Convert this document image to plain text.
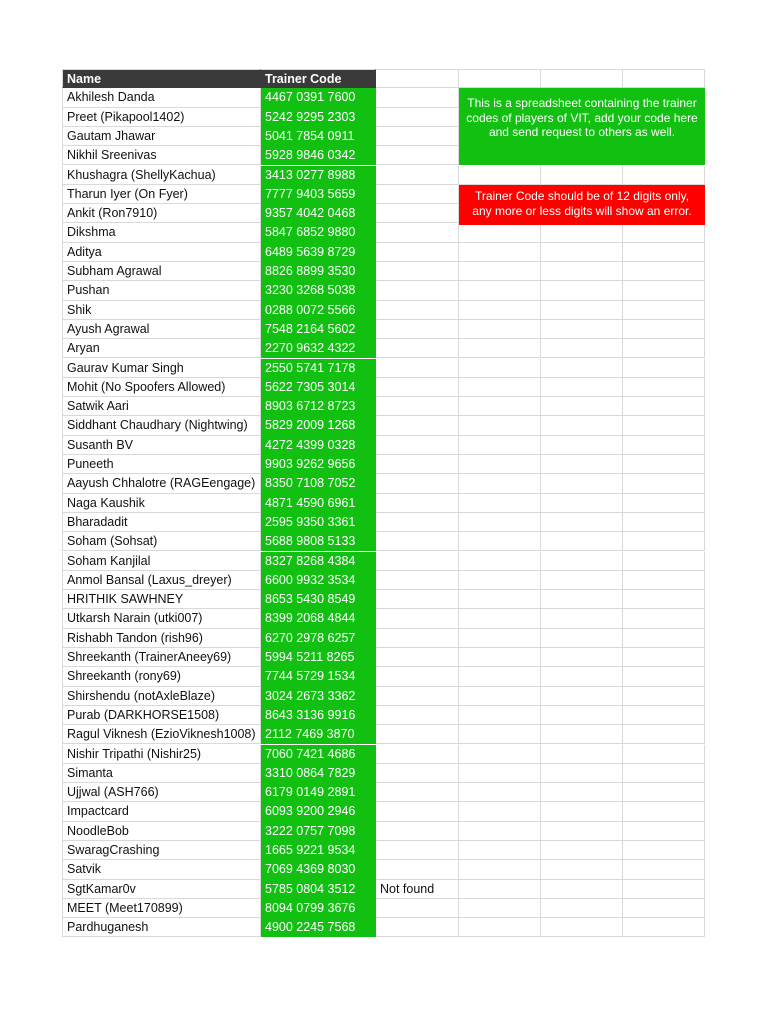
Name	Trainer Code
Akhilesh Danda	4467 0391 7600
Preet (Pikapool1402)	5242 9295 2303
Gautam Jhawar	5041 7854 0911
Nikhil Sreenivas	5928 9846 0342
Khushagra (ShellyKachua)	3413 0277 8988
Tharun Iyer (On Fyer)	7777 9403 5659
Ankit (Ron7910)	9357 4042 0468
Dikshma	5847 6852 9880
Aditya	6489 5639 8729
Subham Agrawal	8826 8899 3530
Pushan	3230 3268 5038
Shik	0288 0072 5566
Ayush Agrawal	7548 2164 5602
Aryan	2270 9632 4322
Gaurav Kumar Singh	2550 5741 7178
Mohit (No Spoofers Allowed)	5622 7305 3014
Satwik Aari	8903 6712 8723
Siddhant Chaudhary (Nightwing)	5829 2009 1268
Susanth BV	4272 4399 0328
Puneeth	9903 9262 9656
Aayush Chhalotre (RAGEengage) 8350 7108 7052
Naga Kaushik	4871 4590 6961
Bharadadit	2595 9350 3361
Soham (Sohsat)	5688 9808 5133
Soham Kanjilal	8327 8268 4384
Anmol Bansal (Laxus_dreyer)	6600 9932 3534
HRITHIK SAWHNEY	8653 5430 8549
Utkarsh Narain (utki007)	8399 2068 4844
Rishabh Tandon (rish96)	6270 2978 6257
Shreekanth (TrainerAneey69)	5994 5211 8265
Shreekanth (rony69)	7744 5729 1534
Shirshendu (notAxleBlaze)	3024 2673 3362
Purab (DARKHORSE1508)	8643 3136 9916
Ragul Viknesh (EzioViknesh1008) 2112 7469 3870
Nishir Tripathi (Nishir25)	7060 7421 4686
Simanta	3310 0864 7829
Ujjwal (ASH766)	6179 0149 2891
Impactcard	6093 9200 2946
NoodleBob	3222 0757 7098
SwaragCrashing	1665 9221 9534
Satvik	7069 4369 8030
SgtKamar0v	5785 0804 3512	Not found
MEET (Meet170899)	8094 0799 3676
Pardhuganesh	4900 2245 7568
This is a spreadsheet containing the trainer codes of players of VIT, add your code here and send request to others as well.
Trainer Code should be of 12 digits only, any more or less digits will show an error.
